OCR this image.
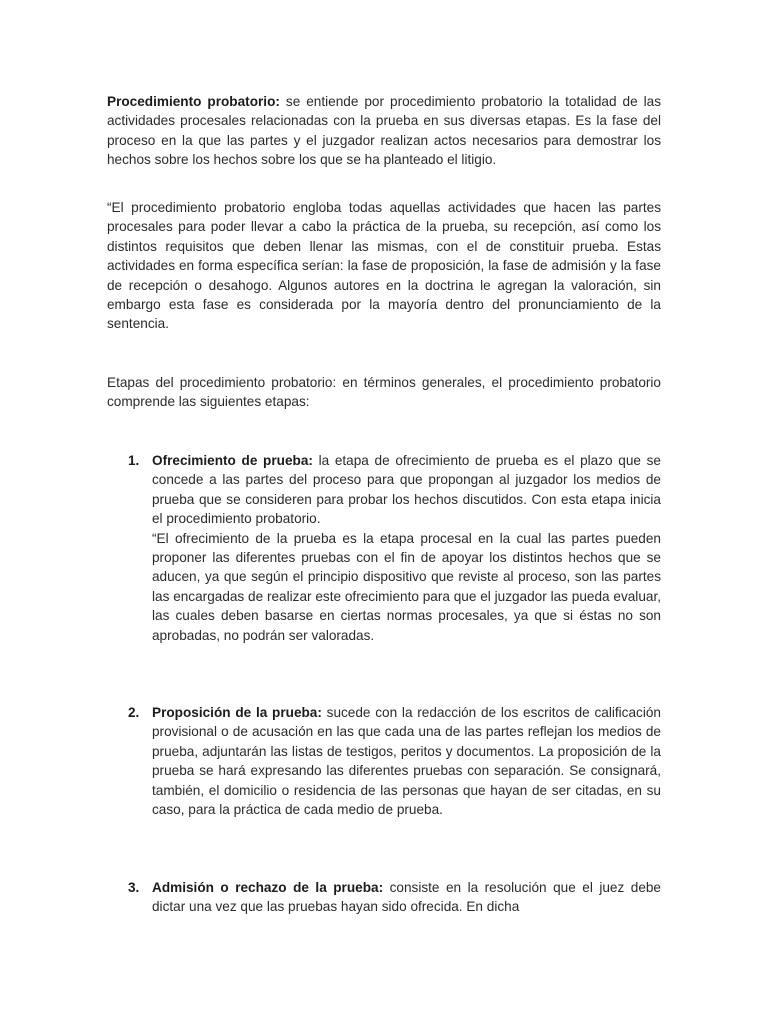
Procedimiento probatorio: se entiende por procedimiento probatorio la totalidad de las actividades procesales relacionadas con la prueba en sus diversas etapas. Es la fase del proceso en la que las partes y el juzgador realizan actos necesarios para demostrar los hechos sobre los hechos sobre los que se ha planteado el litigio.

“El procedimiento probatorio engloba todas aquellas actividades que hacen las partes procesales para poder llevar a cabo la práctica de la prueba, su recepción, así como los distintos requisitos que deben llenar las mismas, con el de constituir prueba. Estas actividades en forma específica serían: la fase de proposición, la fase de admisión y la fase de recepción o desahogo. Algunos autores en la doctrina le agregan la valoración, sin embargo esta fase es considerada por la mayoría dentro del pronunciamiento de la sentencia.

Etapas del procedimiento probatorio: en términos generales, el procedimiento probatorio comprende las siguientes etapas:

1. Ofrecimiento de prueba: la etapa de ofrecimiento de prueba es el plazo que se concede a las partes del proceso para que propongan al juzgador los medios de prueba que se consideren para probar los hechos discutidos. Con esta etapa inicia el procedimiento probatorio.
“El ofrecimiento de la prueba es la etapa procesal en la cual las partes pueden proponer las diferentes pruebas con el fin de apoyar los distintos hechos que se aducen, ya que según el principio dispositivo que reviste al proceso, son las partes las encargadas de realizar este ofrecimiento para que el juzgador las pueda evaluar, las cuales deben basarse en ciertas normas procesales, ya que si éstas no son aprobadas, no podrán ser valoradas.
2. Proposición de la prueba: sucede con la redacción de los escritos de calificación provisional o de acusación en las que cada una de las partes reflejan los medios de prueba, adjuntarán las listas de testigos, peritos y documentos. La proposición de la prueba se hará expresando las diferentes pruebas con separación. Se consignará, también, el domicilio o residencia de las personas que hayan de ser citadas, en su caso, para la práctica de cada medio de prueba.
3. Admisión o rechazo de la prueba: consiste en la resolución que el juez debe dictar una vez que las pruebas hayan sido ofrecida. En dicha
